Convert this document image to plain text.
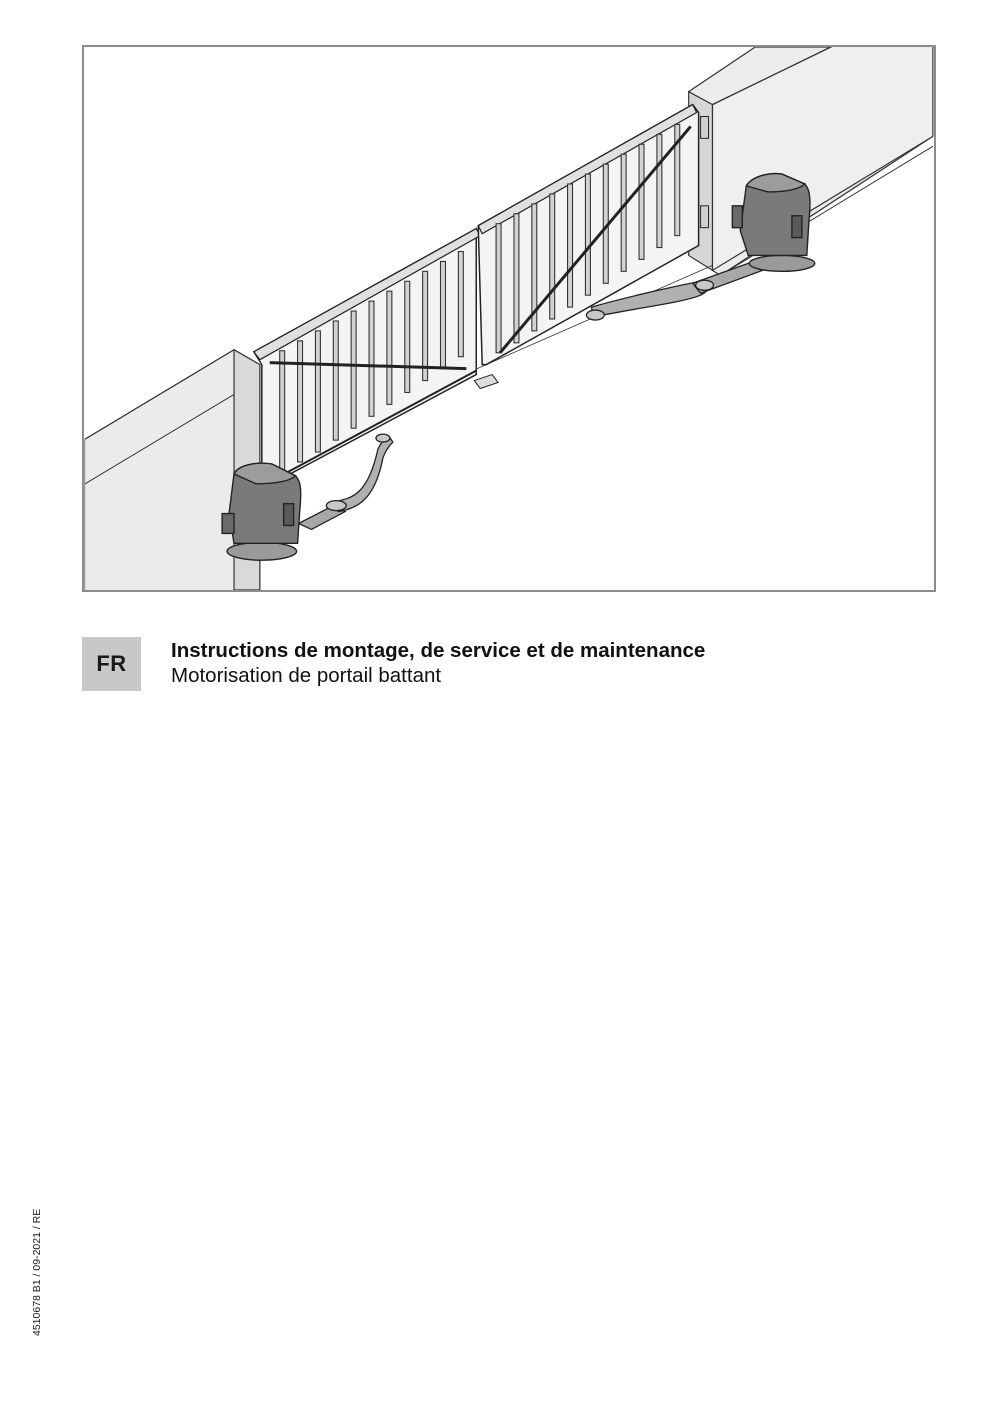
FR
Instructions de montage, de service et de maintenance

Motorisation de portail battant

4510678 B1 / 09-2021 / RE
